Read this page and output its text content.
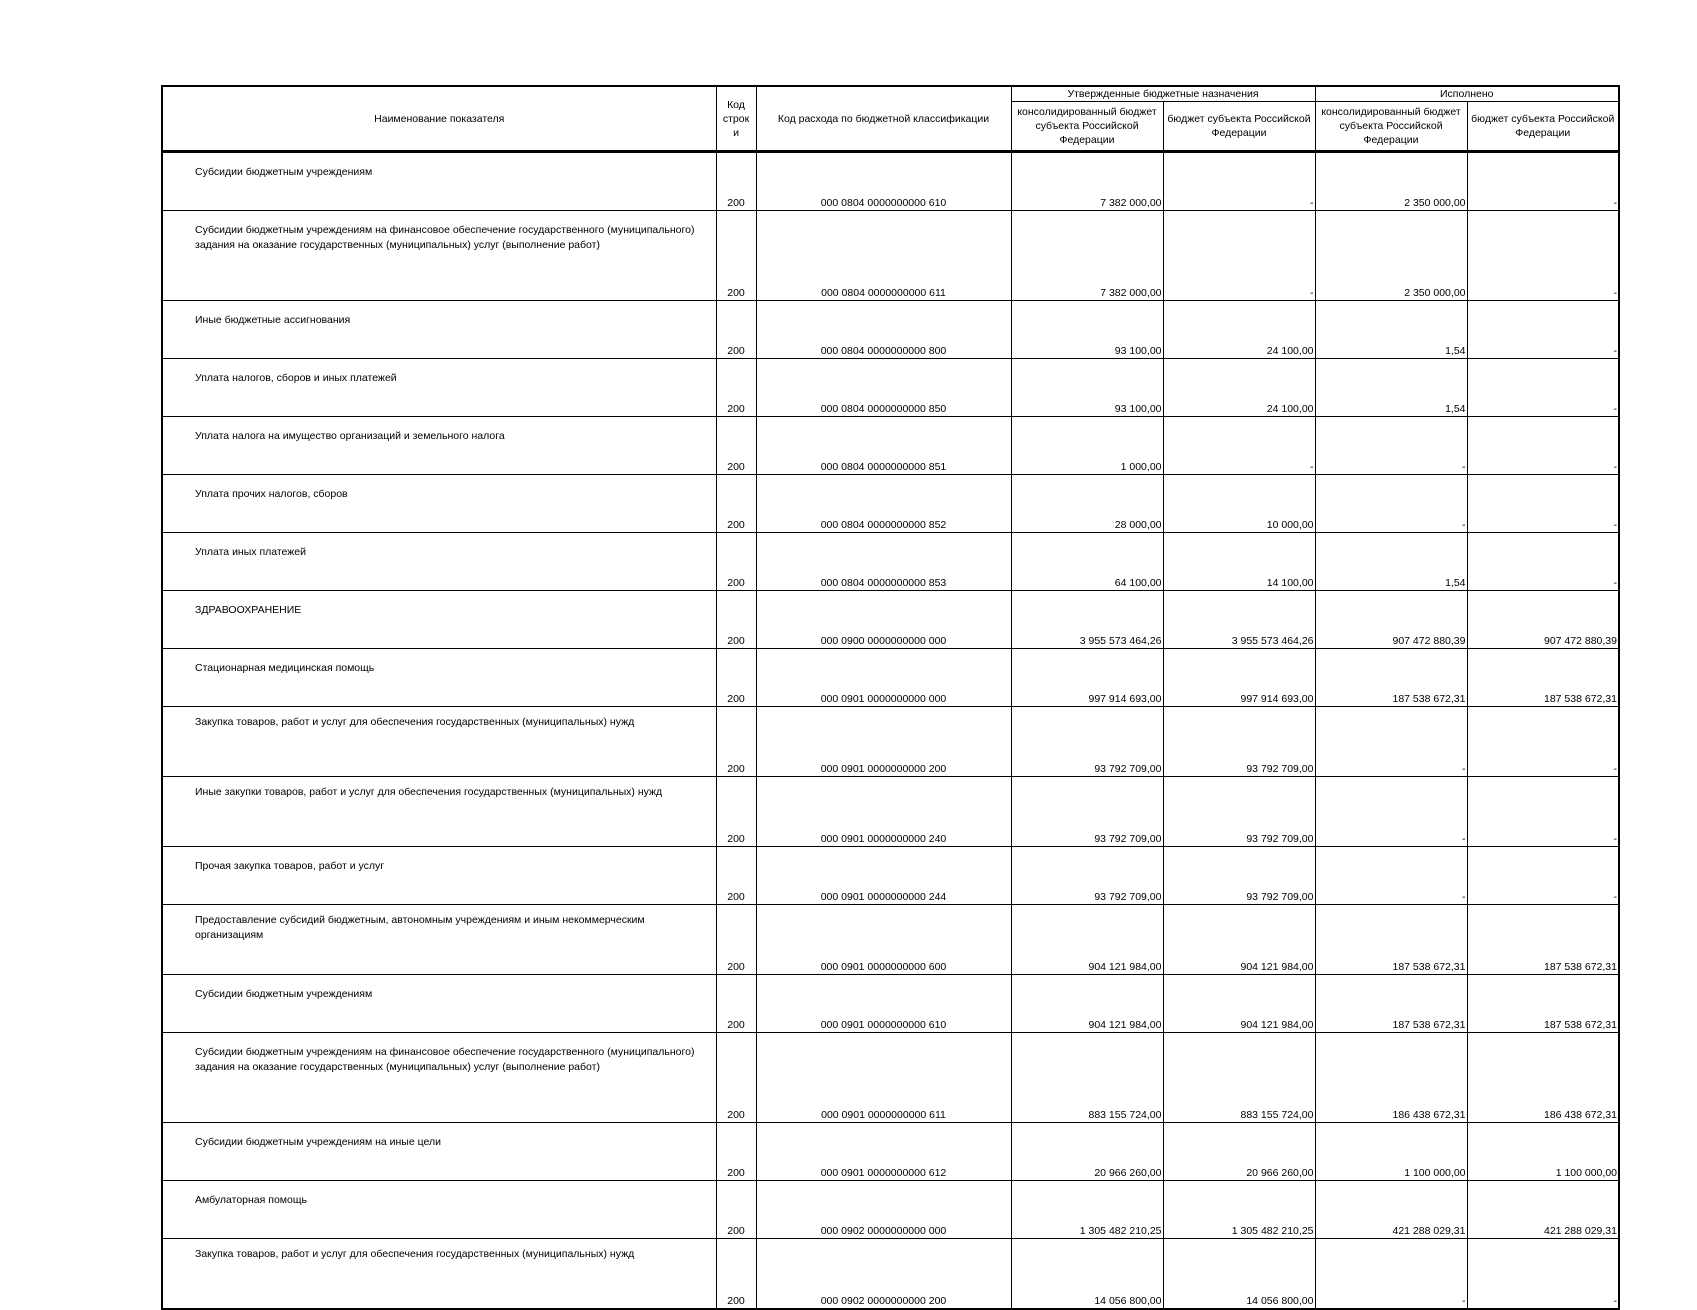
Наименование показателя	Код строк и	Код расхода по бюджетной классификации	Утвержденные бюджетные назначения		Исполнено	
			консолидированный бюджет субъекта Российской Федерации	бюджет субъекта Российской Федерации	консолидированный бюджет субъекта Российской Федерации	бюджет субъекта Российской Федерации
Субсидии бюджетным учреждениям	200	000 0804 0000000000 610	7 382 000,00	-	2 350 000,00	-
Субсидии бюджетным учреждениям на финансовое обеспечение государственного (муниципального) задания на оказание государственных (муниципальных) услуг (выполнение работ)	200	000 0804 0000000000 611	7 382 000,00	-	2 350 000,00	-
Иные бюджетные ассигнования	200	000 0804 0000000000 800	93 100,00	24 100,00	1,54	-
Уплата налогов, сборов и иных платежей	200	000 0804 0000000000 850	93 100,00	24 100,00	1,54	-
Уплата налога на имущество организаций и земельного налога	200	000 0804 0000000000 851	1 000,00	-	-	-
Уплата прочих налогов, сборов	200	000 0804 0000000000 852	28 000,00	10 000,00	-	-
Уплата иных платежей	200	000 0804 0000000000 853	64 100,00	14 100,00	1,54	-
ЗДРАВООХРАНЕНИЕ	200	000 0900 0000000000 000	3 955 573 464,26	3 955 573 464,26	907 472 880,39	907 472 880,39
Стационарная медицинская помощь	200	000 0901 0000000000 000	997 914 693,00	997 914 693,00	187 538 672,31	187 538 672,31
Закупка товаров, работ и услуг для обеспечения государственных (муниципальных) нужд	200	000 0901 0000000000 200	93 792 709,00	93 792 709,00	-	-
Иные закупки товаров, работ и услуг для обеспечения государственных (муниципальных) нужд	200	000 0901 0000000000 240	93 792 709,00	93 792 709,00	-	-
Прочая закупка товаров, работ и услуг	200	000 0901 0000000000 244	93 792 709,00	93 792 709,00	-	-
Предоставление субсидий бюджетным, автономным учреждениям и иным некоммерческим организациям	200	000 0901 0000000000 600	904 121 984,00	904 121 984,00	187 538 672,31	187 538 672,31
Субсидии бюджетным учреждениям	200	000 0901 0000000000 610	904 121 984,00	904 121 984,00	187 538 672,31	187 538 672,31
Субсидии бюджетным учреждениям на финансовое обеспечение государственного (муниципального) задания на оказание государственных (муниципальных) услуг (выполнение работ)	200	000 0901 0000000000 611	883 155 724,00	883 155 724,00	186 438 672,31	186 438 672,31
Субсидии бюджетным учреждениям на иные цели	200	000 0901 0000000000 612	20 966 260,00	20 966 260,00	1 100 000,00	1 100 000,00
Амбулаторная помощь	200	000 0902 0000000000 000	1 305 482 210,25	1 305 482 210,25	421 288 029,31	421 288 029,31
Закупка товаров, работ и услуг для обеспечения государственных (муниципальных) нужд	200	000 0902 0000000000 200	14 056 800,00	14 056 800,00	-	-
